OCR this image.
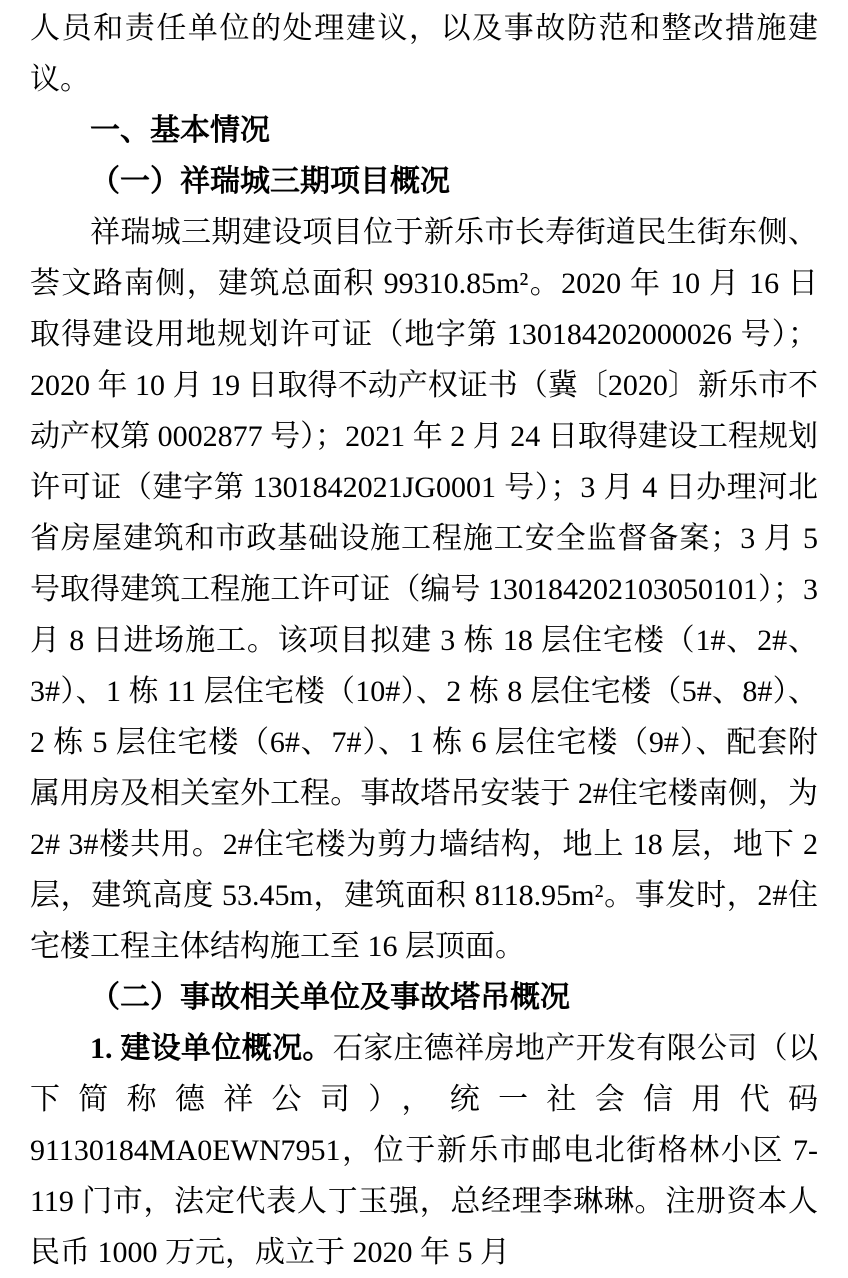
人员和责任单位的处理建议，以及事故防范和整改措施建议。

一、基本情况
（一）祥瑞城三期项目概况

祥瑞城三期建设项目位于新乐市长寿街道民生街东侧、荟文路南侧，建筑总面积 99310.85m²。2020 年 10 月 16 日取得建设用地规划许可证（地字第 130184202000026 号）；2020 年 10 月 19 日取得不动产权证书（冀〔2020〕新乐市不动产权第 0002877 号）；2021 年 2 月 24 日取得建设工程规划许可证（建字第 1301842021JG0001 号）；3 月 4 日办理河北省房屋建筑和市政基础设施工程施工安全监督备案；3 月 5 号取得建筑工程施工许可证（编号 130184202103050101）；3 月 8 日进场施工。该项目拟建 3 栋 18 层住宅楼（1#、2#、3#）、1 栋 11 层住宅楼（10#）、2 栋 8 层住宅楼（5#、8#）、2 栋 5 层住宅楼（6#、7#）、1 栋 6 层住宅楼（9#）、配套附属用房及相关室外工程。事故塔吊安装于 2#住宅楼南侧，为 2# 3#楼共用。2#住宅楼为剪力墙结构，地上 18 层，地下 2 层，建筑高度 53.45m，建筑面积 8118.95m²。事发时，2#住宅楼工程主体结构施工至 16 层顶面。

（二）事故相关单位及事故塔吊概况

1. 建设单位概况。石家庄德祥房地产开发有限公司（以下简称德祥公司），统一社会信用代码 91130184MA0EWN7951，位于新乐市邮电北街格林小区 7-119 门市，法定代表人丁玉强，总经理李琳琳。注册资本人民币 1000 万元，成立于 2020 年 5 月
